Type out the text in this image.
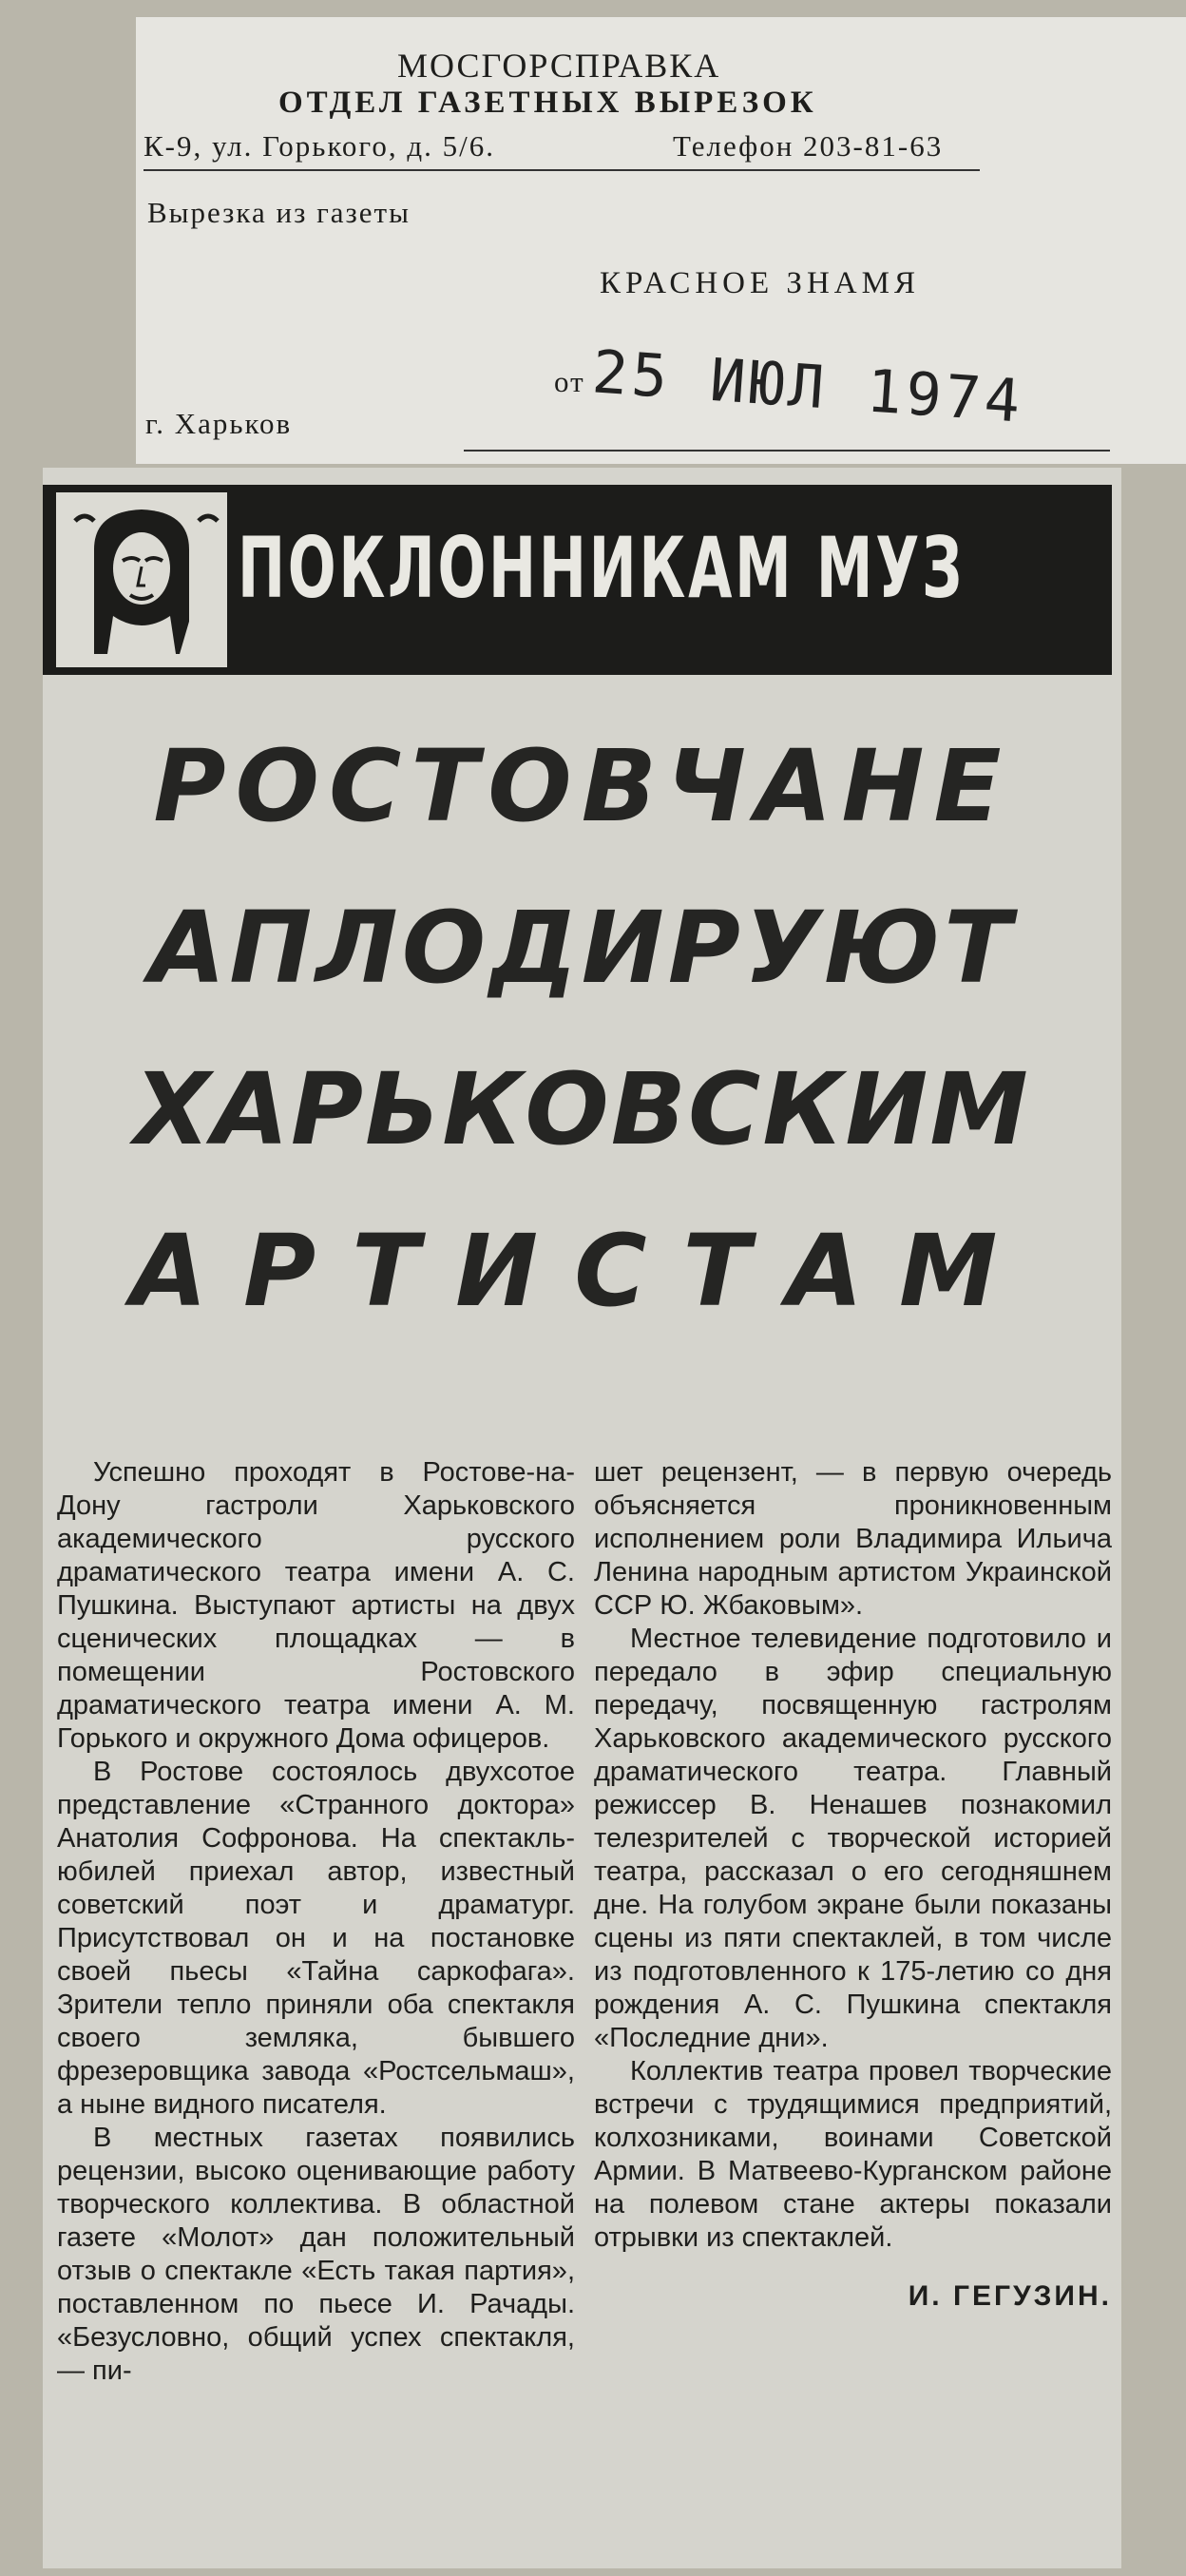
МОСГОРСПРАВКА
ОТДЕЛ ГАЗЕТНЫХ ВЫРЕЗОК
К-9, ул. Горького, д. 5/6.	Телефон 203-81-63
Вырезка из газеты
КРАСНОЕ ЗНАМЯ
г. Харьков
от 25 ИЮЛ 1974
ПОКЛОННИКАМ МУЗ
РОСТОВЧАНЕ
АПЛОДИРУЮТ
ХАРЬКОВСКИМ
АРТИСТАМ

Успешно проходят в Ростове-на-Дону гастроли Харьковского академического русского драматического театра имени А. С. Пушкина. Выступают артисты на двух сценических площадках — в помещении Ростовского драматического театра имени А. М. Горького и окружного Дома офицеров.

В Ростове состоялось двухсотое представление «Странного доктора» Анатолия Софронова. На спектакль-юбилей приехал автор, известный советский поэт и драматург. Присутствовал он и на постановке своей пьесы «Тайна саркофага». Зрители тепло приняли оба спектакля своего земляка, бывшего фрезеровщика завода «Ростсельмаш», а ныне видного писателя.

В местных газетах появились рецензии, высоко оценивающие работу творческого коллектива. В областной газете «Молот» дан положительный отзыв о спектакле «Есть такая партия», поставленном по пьесе И. Рачады. «Безусловно, общий успех спектакля, — пи-

шет рецензент, — в первую очередь объясняется проникновенным исполнением роли Владимира Ильича Ленина народным артистом Украинской ССР Ю. Жбаковым».

Местное телевидение подготовило и передало в эфир специальную передачу, посвященную гастролям Харьковского академического русского драматического театра. Главный режиссер В. Ненашев познакомил телезрителей с творческой историей театра, рассказал о его сегодняшнем дне. На голубом экране были показаны сцены из пяти спектаклей, в том числе из подготовленного к 175-летию со дня рождения А. С. Пушкина спектакля «Последние дни».

Коллектив театра провел творческие встречи с трудящимися предприятий, колхозниками, воинами Советской Армии. В Матвеево-Курганском районе на полевом стане актеры показали отрывки из спектаклей.

И. ГЕГУЗИН.
